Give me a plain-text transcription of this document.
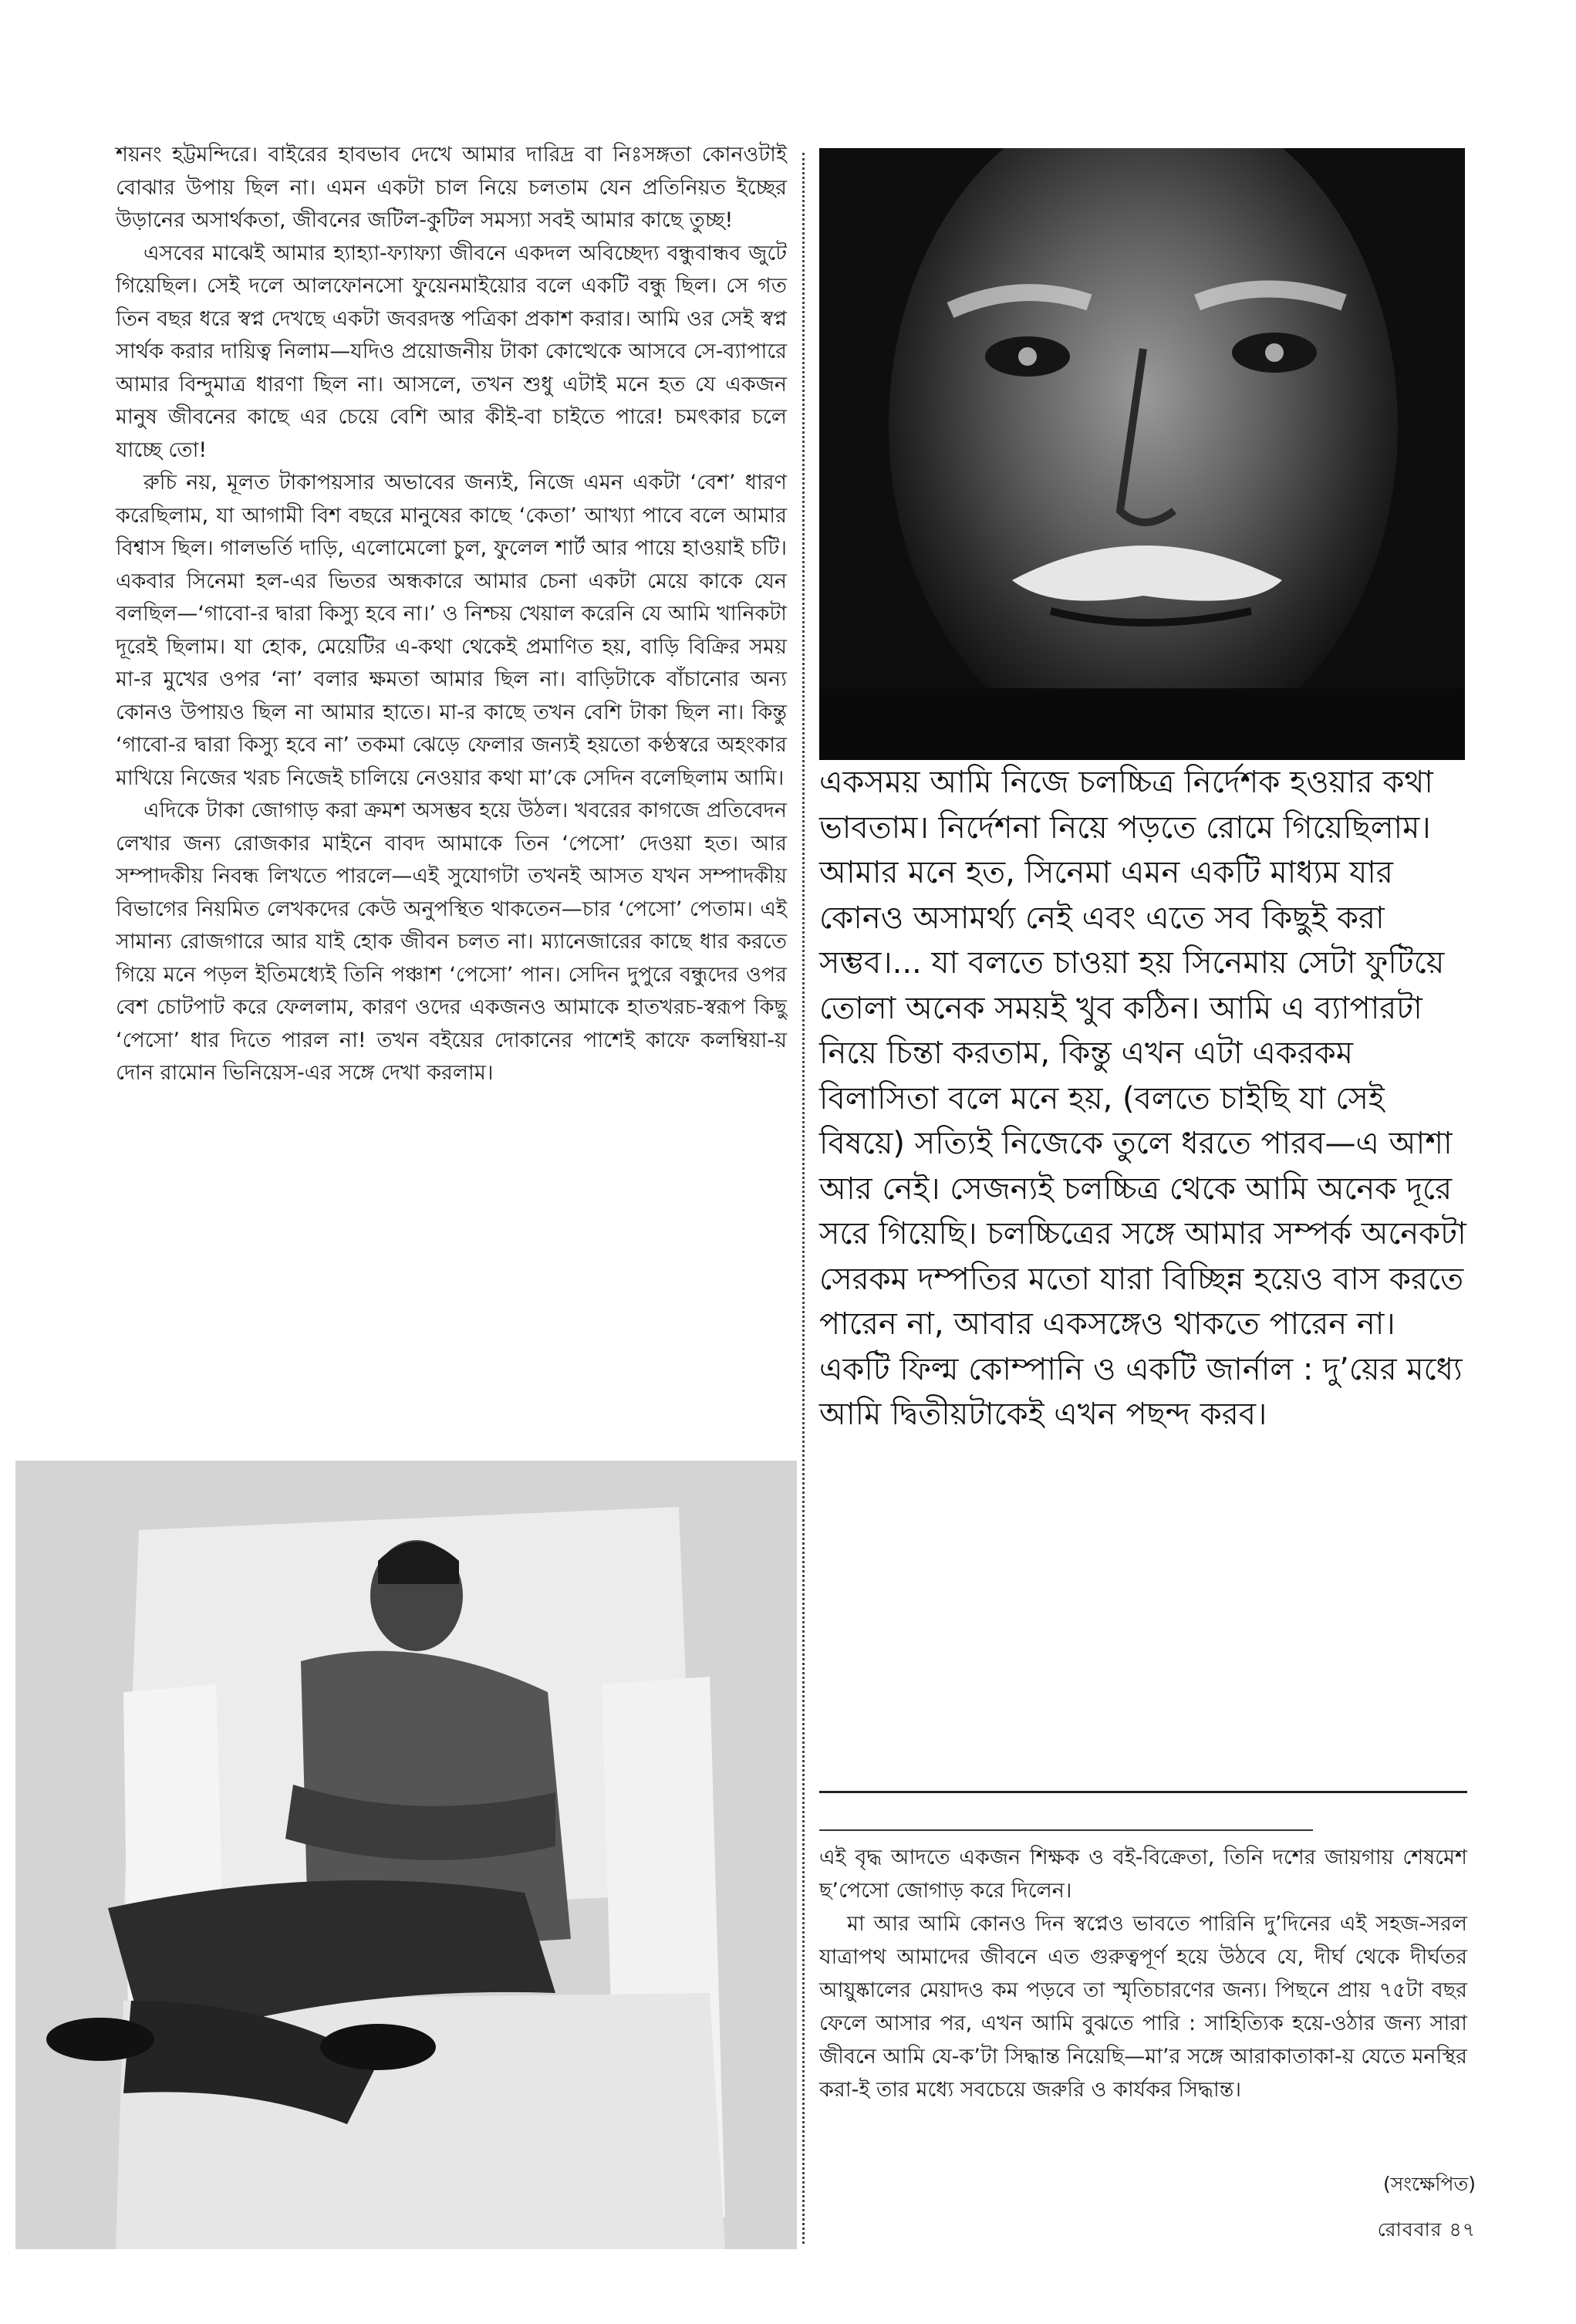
শয়নং হট্টমন্দিরে। বাইরের হাবভাব দেখে আমার দারিদ্র বা নিঃসঙ্গতা কোনওটাই বোঝার উপায় ছিল না। এমন একটা চাল নিয়ে চলতাম যেন প্রতিনিয়ত ইচ্ছের উড়ানের অসার্থকতা, জীবনের জটিল-কুটিল সমস্যা সবই আমার কাছে তুচ্ছ!

এসবের মাঝেই আমার হ্যাহ্যা-ফ্যাফ্যা জীবনে একদল অবিচ্ছেদ্য বন্ধুবান্ধব জুটে গিয়েছিল। সেই দলে আলফোনসো ফুয়েনমাইয়োর বলে একটি বন্ধু ছিল। সে গত তিন বছর ধরে স্বপ্ন দেখছে একটা জবরদস্ত পত্রিকা প্রকাশ করার। আমি ওর সেই স্বপ্ন সার্থক করার দায়িত্ব নিলাম—যদিও প্রয়োজনীয় টাকা কোত্থেকে আসবে সে-ব্যাপারে আমার বিন্দুমাত্র ধারণা ছিল না। আসলে, তখন শুধু এটাই মনে হত যে একজন মানুষ জীবনের কাছে এর চেয়ে বেশি আর কীই-বা চাইতে পারে! চমৎকার চলে যাচ্ছে তো!

রুচি নয়, মূলত টাকাপয়সার অভাবের জন্যই, নিজে এমন একটা ‘বেশ’ ধারণ করেছিলাম, যা আগামী বিশ বছরে মানুষের কাছে ‘কেতা’ আখ্যা পাবে বলে আমার বিশ্বাস ছিল। গালভর্তি দাড়ি, এলোমেলো চুল, ফুলেল শার্ট আর পায়ে হাওয়াই চটি। একবার সিনেমা হল-এর ভিতর অন্ধকারে আমার চেনা একটা মেয়ে কাকে যেন বলছিল—‘গাবো-র দ্বারা কিস্যু হবে না।’ ও নিশ্চয় খেয়াল করেনি যে আমি খানিকটা দূরেই ছিলাম। যা হোক, মেয়েটির এ-কথা থেকেই প্রমাণিত হয়, বাড়ি বিক্রির সময় মা-র মুখের ওপর ‘না’ বলার ক্ষমতা আমার ছিল না। বাড়িটাকে বাঁচানোর অন্য কোনও উপায়ও ছিল না আমার হাতে। মা-র কাছে তখন বেশি টাকা ছিল না। কিন্তু ‘গাবো-র দ্বারা কিস্যু হবে না’ তকমা ঝেড়ে ফেলার জন্যই হয়তো কণ্ঠস্বরে অহংকার মাখিয়ে নিজের খরচ নিজেই চালিয়ে নেওয়ার কথা মা’কে সেদিন বলেছিলাম আমি।

এদিকে টাকা জোগাড় করা ক্রমশ অসম্ভব হয়ে উঠল। খবরের কাগজে প্রতিবেদন লেখার জন্য রোজকার মাইনে বাবদ আমাকে তিন ‘পেসো’ দেওয়া হত। আর সম্পাদকীয় নিবন্ধ লিখতে পারলে—এই সুযোগটা তখনই আসত যখন সম্পাদকীয় বিভাগের নিয়মিত লেখকদের কেউ অনুপস্থিত থাকতেন—চার ‘পেসো’ পেতাম। এই সামান্য রোজগারে আর যাই হোক জীবন চলত না। ম্যানেজারের কাছে ধার করতে গিয়ে মনে পড়ল ইতিমধ্যেই তিনি পঞ্চাশ ‘পেসো’ পান। সেদিন দুপুরে বন্ধুদের ওপর বেশ চোটপাট করে ফেললাম, কারণ ওদের একজনও আমাকে হাতখরচ-স্বরূপ কিছু ‘পেসো’ ধার দিতে পারল না! তখন বইয়ের দোকানের পাশেই কাফে কলম্বিয়া-য় দোন রামোন ভিনিয়েস-এর সঙ্গে দেখা করলাম।

একসময় আমি নিজে চলচ্চিত্র নির্দেশক হওয়ার কথা ভাবতাম। নির্দেশনা নিয়ে পড়তে রোমে গিয়েছিলাম। আমার মনে হত, সিনেমা এমন একটি মাধ্যম যার কোনও অসামর্থ্য নেই এবং এতে সব কিছুই করা সম্ভব।... যা বলতে চাওয়া হয় সিনেমায় সেটা ফুটিয়ে তোলা অনেক সময়ই খুব কঠিন। আমি এ ব্যাপারটা নিয়ে চিন্তা করতাম, কিন্তু এখন এটা একরকম বিলাসিতা বলে মনে হয়, (বলতে চাইছি যা সেই বিষয়ে) সত্যিই নিজেকে তুলে ধরতে পারব—এ আশা আর নেই। সেজন্যই চলচ্চিত্র থেকে আমি অনেক দূরে সরে গিয়েছি। চলচ্চিত্রের সঙ্গে আমার সম্পর্ক অনেকটা সেরকম দম্পতির মতো যারা বিচ্ছিন্ন হয়েও বাস করতে পারেন না, আবার একসঙ্গেও থাকতে পারেন না। একটি ফিল্ম কোম্পানি ও একটি জার্নাল : দু’য়ের মধ্যে আমি দ্বিতীয়টাকেই এখন পছন্দ করব।

এই বৃদ্ধ আদতে একজন শিক্ষক ও বই-বিক্রেতা, তিনি দশের জায়গায় শেষমেশ ছ’পেসো জোগাড় করে দিলেন।

মা আর আমি কোনও দিন স্বপ্নেও ভাবতে পারিনি দু’দিনের এই সহজ-সরল যাত্রাপথ আমাদের জীবনে এত গুরুত্বপূর্ণ হয়ে উঠবে যে, দীর্ঘ থেকে দীর্ঘতর আয়ুষ্কালের মেয়াদও কম পড়বে তা স্মৃতিচারণের জন্য। পিছনে প্রায় ৭৫টা বছর ফেলে আসার পর, এখন আমি বুঝতে পারি : সাহিত্যিক হয়ে-ওঠার জন্য সারা জীবনে আমি যে-ক’টা সিদ্ধান্ত নিয়েছি—মা’র সঙ্গে আরাকাতাকা-য় যেতে মনস্থির করা-ই তার মধ্যে সবচেয়ে জরুরি ও কার্যকর সিদ্ধান্ত।

(সংক্ষেপিত)
রোববার ৪৭
